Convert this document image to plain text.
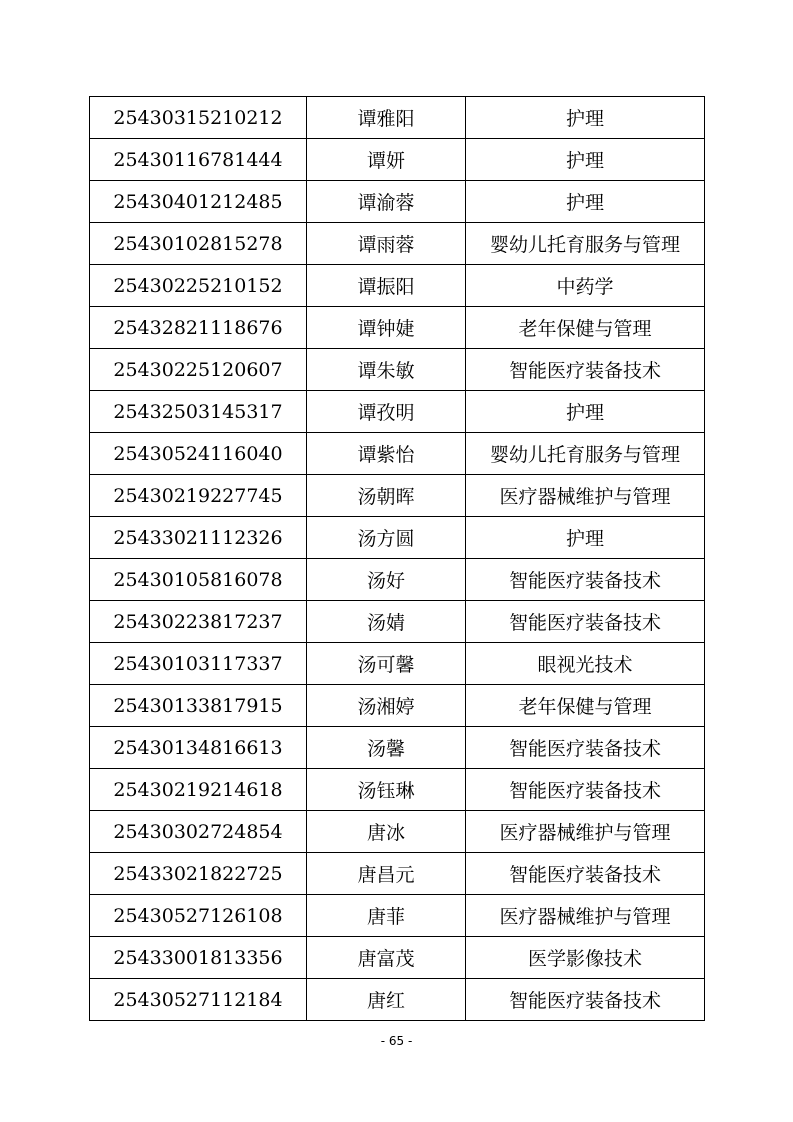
25430315210212	谭雅阳	护理
25430116781444	谭妍	护理
25430401212485	谭渝蓉	护理
25430102815278	谭雨蓉	婴幼儿托育服务与管理
25430225210152	谭振阳	中药学
25432821118676	谭钟婕	老年保健与管理
25430225120607	谭朱敏	智能医疗装备技术
25432503145317	谭孜明	护理
25430524116040	谭紫怡	婴幼儿托育服务与管理
25430219227745	汤朝晖	医疗器械维护与管理
25433021112326	汤方圆	护理
25430105816078	汤好	智能医疗装备技术
25430223817237	汤婧	智能医疗装备技术
25430103117337	汤可馨	眼视光技术
25430133817915	汤湘婷	老年保健与管理
25430134816613	汤馨	智能医疗装备技术
25430219214618	汤钰琳	智能医疗装备技术
25430302724854	唐冰	医疗器械维护与管理
25433021822725	唐昌元	智能医疗装备技术
25430527126108	唐菲	医疗器械维护与管理
25433001813356	唐富茂	医学影像技术
25430527112184	唐红	智能医疗装备技术
- 65 -
